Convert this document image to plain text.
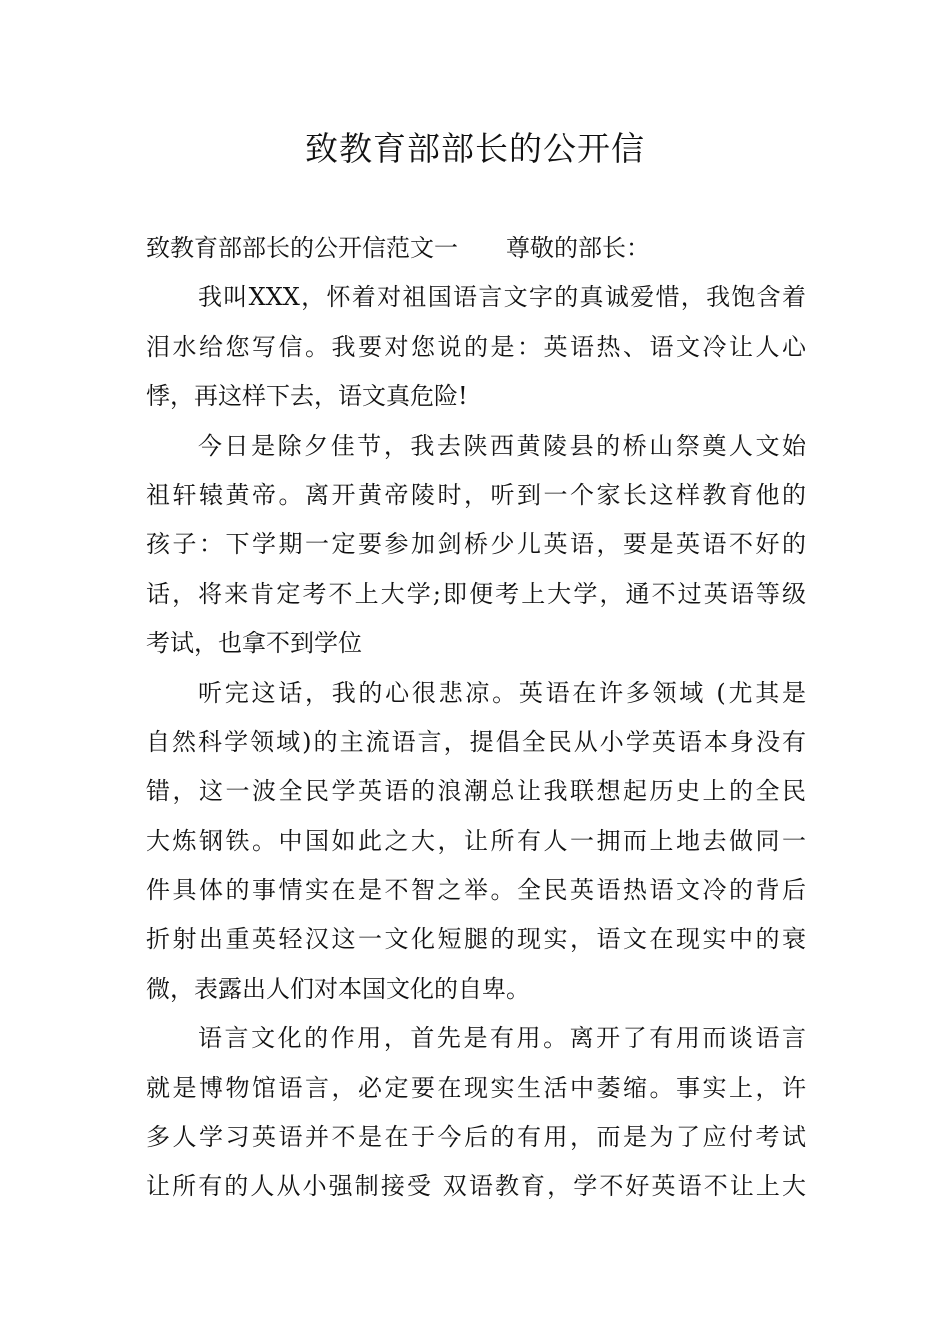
致教育部部长的公开信
致教育部部长的公开信范文一　　尊敬的部长：
我叫XXX，怀着对祖国语言文字的真诚爱惜，我饱含着
泪水给您写信。我要对您说的是：英语热、语文冷让人心
悸，再这样下去，语文真危险!
今日是除夕佳节，我去陕西黄陵县的桥山祭奠人文始
祖轩辕黄帝。离开黄帝陵时，听到一个家长这样教育他的
孩子：下学期一定要参加剑桥少儿英语，要是英语不好的
话，将来肯定考不上大学;即便考上大学，通不过英语等级
考试，也拿不到学位
听完这话，我的心很悲凉。英语在许多领域 (尤其是
自然科学领域)的主流语言，提倡全民从小学英语本身没有
错，这一波全民学英语的浪潮总让我联想起历史上的全民
大炼钢铁。中国如此之大，让所有人一拥而上地去做同一
件具体的事情实在是不智之举。全民英语热语文冷的背后
折射出重英轻汉这一文化短腿的现实，语文在现实中的衰
微，表露出人们对本国文化的自卑。
语言文化的作用，首先是有用。离开了有用而谈语言
就是博物馆语言，必定要在现实生活中萎缩。事实上，许
多人学习英语并不是在于今后的有用，而是为了应付考试
让所有的人从小强制接受 双语教育，学不好英语不让上大
